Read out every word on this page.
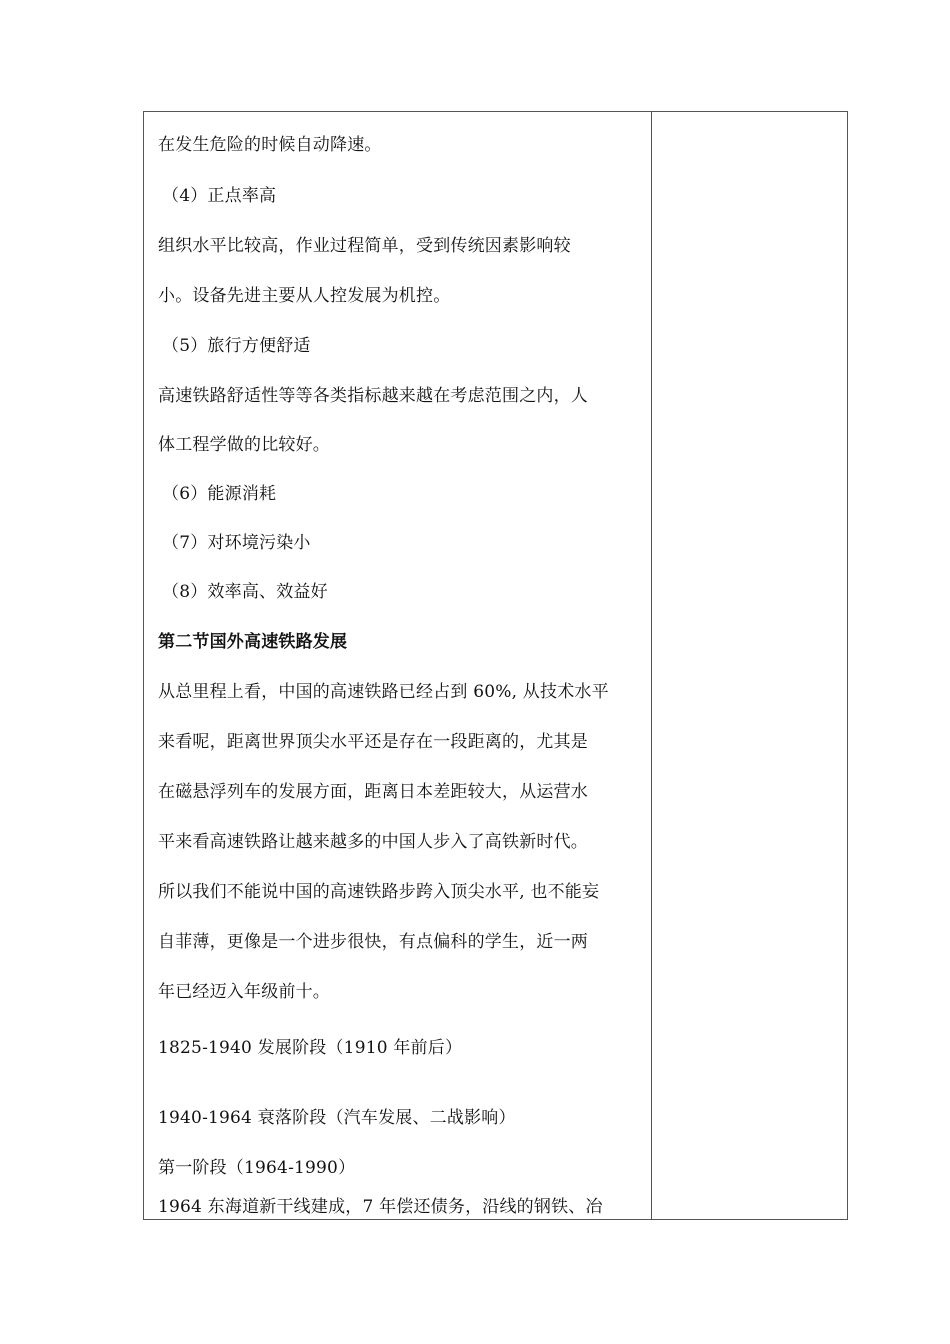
在发生危险的时候自动降速。
（4）正点率高
组织水平比较高，作业过程简单，受到传统因素影响较
小。设备先进主要从人控发展为机控。
（5）旅行方便舒适
高速铁路舒适性等等各类指标越来越在考虑范围之内，人
体工程学做的比较好。
（6）能源消耗
（7）对环境污染小
（8）效率高、效益好
第二节国外高速铁路发展
从总里程上看，中国的高速铁路已经占到 60%, 从技术水平
来看呢，距离世界顶尖水平还是存在一段距离的，尤其是
在磁悬浮列车的发展方面，距离日本差距较大，从运营水
平来看高速铁路让越来越多的中国人步入了高铁新时代。
所以我们不能说中国的高速铁路步跨入顶尖水平, 也不能妄
自菲薄，更像是一个进步很快，有点偏科的学生，近一两
年已经迈入年级前十。
1825-1940 发展阶段（1910 年前后）
1940-1964 衰落阶段（汽车发展、二战影响）
第一阶段（1964-1990）
1964 东海道新干线建成，7 年偿还债务，沿线的钢铁、冶
